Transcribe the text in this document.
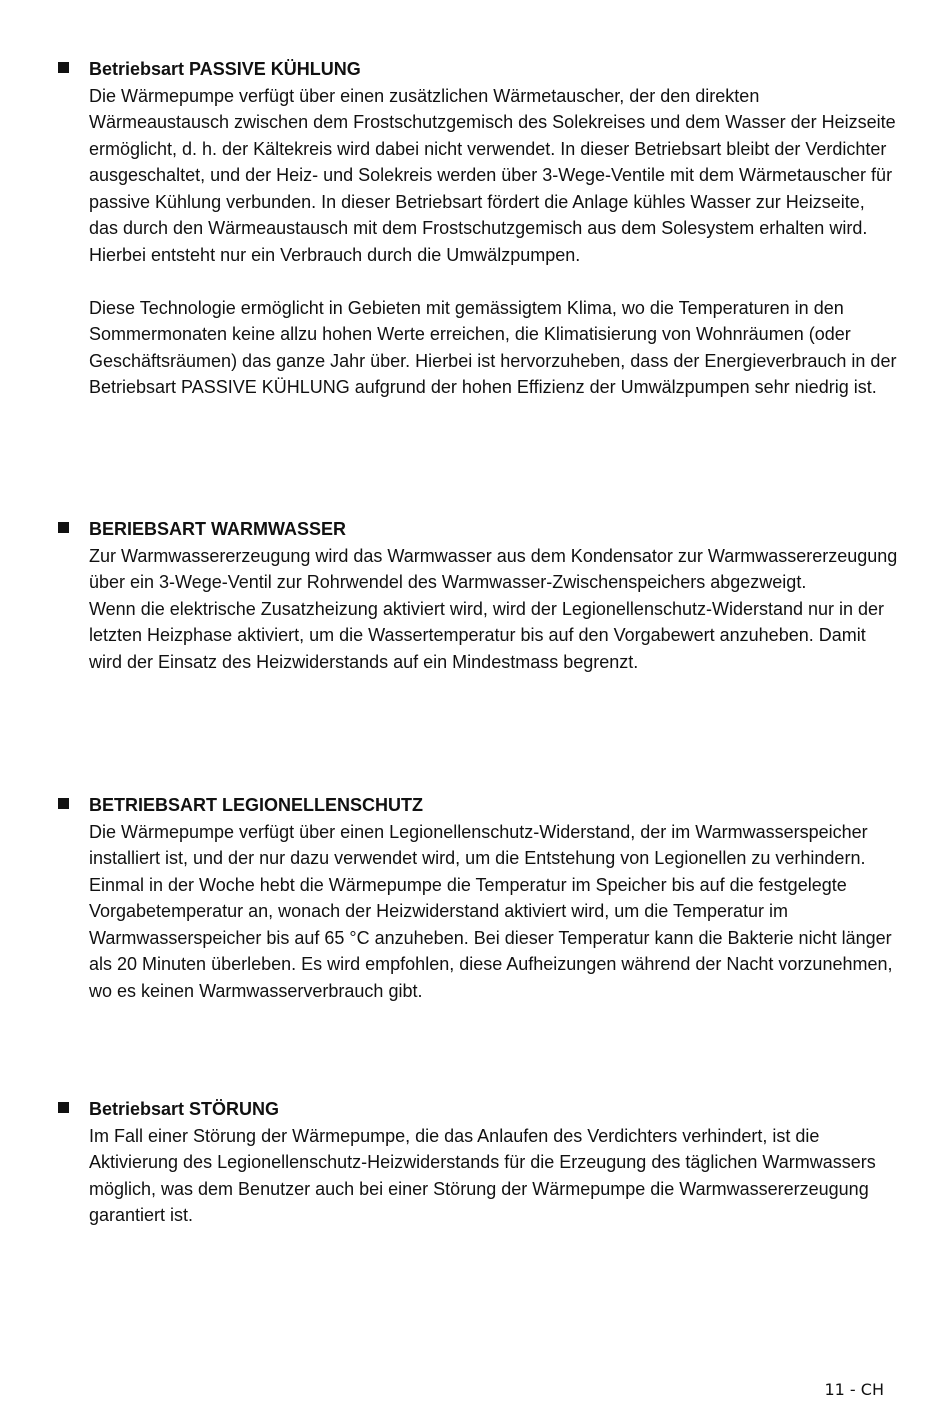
Betriebsart PASSIVE KÜHLUNG

Die Wärmepumpe verfügt über einen zusätzlichen Wärmetauscher, der den direkten Wärmeaustausch zwischen dem Frostschutzgemisch des Solekreises und dem Wasser der Heizseite ermöglicht, d. h. der Kältekreis wird dabei nicht verwendet. In dieser Betriebsart bleibt der Verdichter ausgeschaltet, und der Heiz- und Solekreis werden über 3-Wege-Ventile mit dem Wärmetauscher für passive Kühlung verbunden. In dieser Betriebsart fördert die Anlage kühles Wasser zur Heizseite, das durch den Wärmeaustausch mit dem Frostschutzgemisch aus dem Solesystem erhalten wird. Hierbei entsteht nur ein Verbrauch durch die Umwälzpumpen.

Diese Technologie ermöglicht in Gebieten mit gemässigtem Klima, wo die Temperaturen in den Sommermonaten keine allzu hohen Werte erreichen, die Klimatisierung von Wohnräumen (oder Geschäftsräumen) das ganze Jahr über. Hierbei ist hervorzuheben, dass der Energieverbrauch in der Betriebsart PASSIVE KÜHLUNG aufgrund der hohen Effizienz der Umwälzpumpen sehr niedrig ist.

BERIEBSART WARMWASSER

Zur Warmwassererzeugung wird das Warmwasser aus dem Kondensator zur Warmwassererzeugung über ein 3-Wege-Ventil zur Rohrwendel des Warmwasser-Zwischenspeichers abgezweigt.

Wenn die elektrische Zusatzheizung aktiviert wird, wird der Legionellenschutz-Widerstand nur in der letzten Heizphase aktiviert, um die Wassertemperatur bis auf den Vorgabewert anzuheben. Damit wird der Einsatz des Heizwiderstands auf ein Mindestmass begrenzt.

BETRIEBSART LEGIONELLENSCHUTZ

Die Wärmepumpe verfügt über einen Legionellenschutz-Widerstand, der im Warmwasserspeicher installiert ist, und der nur dazu verwendet wird, um die Entstehung von Legionellen zu verhindern. Einmal in der Woche hebt die Wärmepumpe die Temperatur im Speicher bis auf die festgelegte Vorgabetemperatur an, wonach der Heizwiderstand aktiviert wird, um die Temperatur im Warmwasserspeicher bis auf 65 °C anzuheben. Bei dieser Temperatur kann die Bakterie nicht länger als 20 Minuten überleben. Es wird empfohlen, diese Aufheizungen während der Nacht vorzunehmen, wo es keinen Warmwasserverbrauch gibt.

Betriebsart STÖRUNG

Im Fall einer Störung der Wärmepumpe, die das Anlaufen des Verdichters verhindert, ist die Aktivierung des Legionellenschutz-Heizwiderstands für die Erzeugung des täglichen Warmwassers möglich, was dem Benutzer auch bei einer Störung der Wärmepumpe die Warmwassererzeugung garantiert ist.

11 - CH
